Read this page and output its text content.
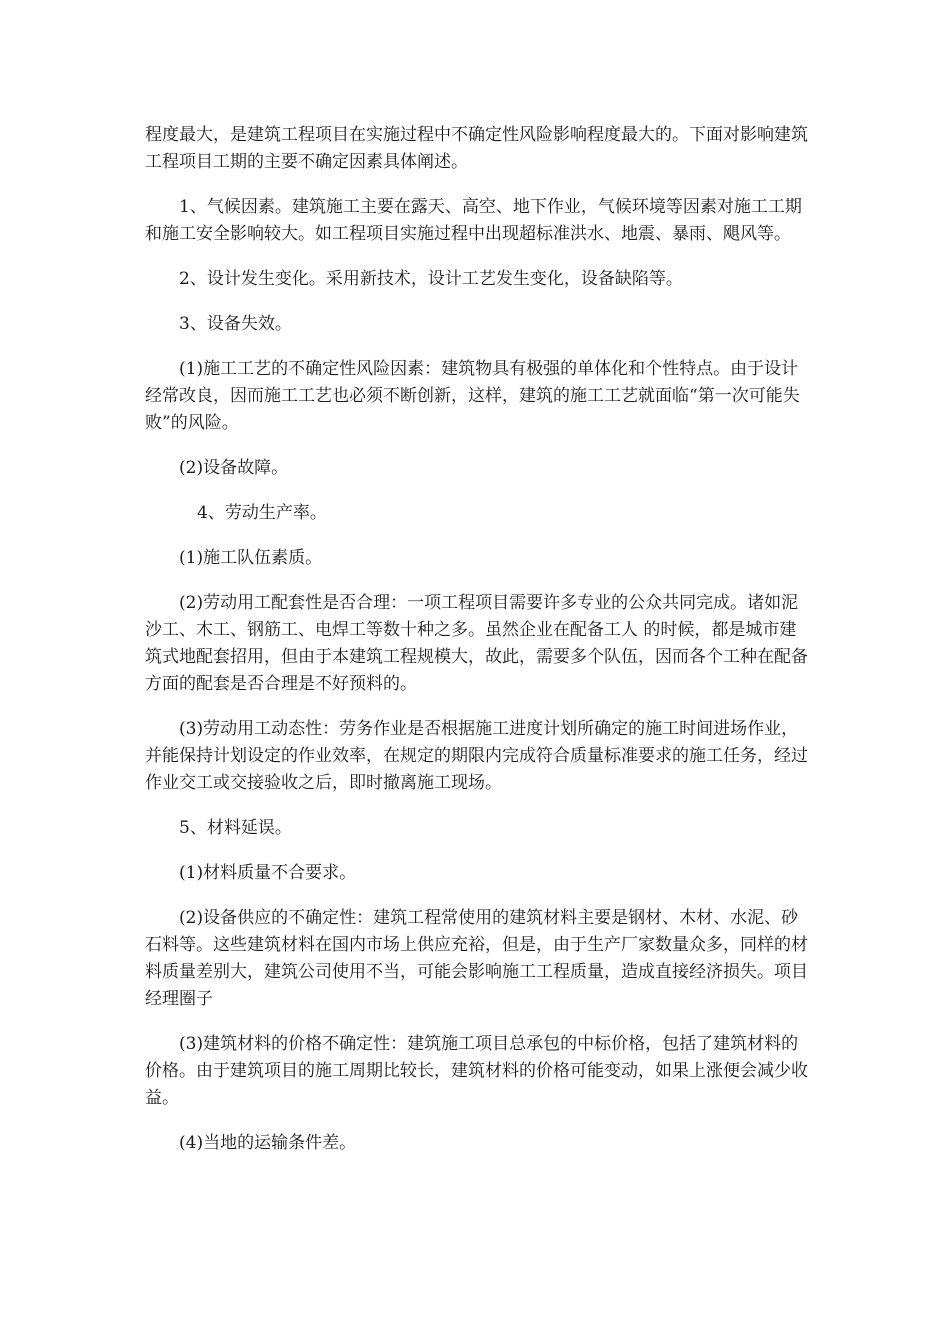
程度最大，是建筑工程项目在实施过程中不确定性风险影响程度最大的。下面对影响建筑工程项目工期的主要不确定因素具体阐述。

1、气候因素。建筑施工主要在露天、高空、地下作业，气候环境等因素对施工工期和施工安全影响较大。如工程项目实施过程中出现超标准洪水、地震、暴雨、飓风等。

2、设计发生变化。采用新技术，设计工艺发生变化，设备缺陷等。

3、设备失效。

(1)施工工艺的不确定性风险因素：建筑物具有极强的单体化和个性特点。由于设计经常改良，因而施工工艺也必须不断创新，这样，建筑的施工工艺就面临“第一次可能失败”的风险。

(2)设备故障。

4、劳动生产率。

(1)施工队伍素质。

(2)劳动用工配套性是否合理：一项工程项目需要许多专业的公众共同完成。诸如泥沙工、木工、钢筋工、电焊工等数十种之多。虽然企业在配备工人 的时候，都是城市建筑式地配套招用，但由于本建筑工程规模大，故此，需要多个队伍，因而各个工种在配备方面的配套是否合理是不好预料的。

(3)劳动用工动态性：劳务作业是否根据施工进度计划所确定的施工时间进场作业，并能保持计划设定的作业效率，在规定的期限内完成符合质量标准要求的施工任务，经过作业交工或交接验收之后，即时撤离施工现场。

5、材料延误。

(1)材料质量不合要求。

(2)设备供应的不确定性：建筑工程常使用的建筑材料主要是钢材、木材、水泥、砂石料等。这些建筑材料在国内市场上供应充裕，但是，由于生产厂家数量众多，同样的材料质量差别大，建筑公司使用不当，可能会影响施工工程质量，造成直接经济损失。项目经理圈子

(3)建筑材料的价格不确定性：建筑施工项目总承包的中标价格，包括了建筑材料的价格。由于建筑项目的施工周期比较长，建筑材料的价格可能变动，如果上涨便会减少收益。

(4)当地的运输条件差。
